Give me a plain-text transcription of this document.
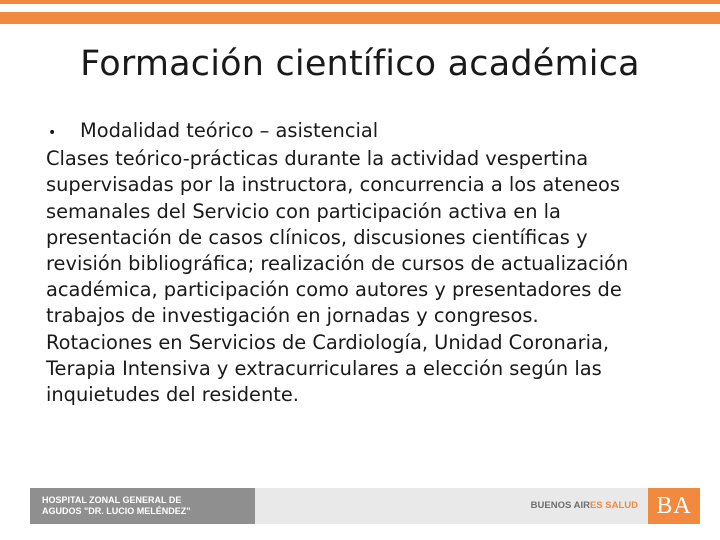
Formación científico académica
•	Modalidad teórico – asistencial

Clases teórico-prácticas durante la actividad vespertina supervisadas por la instructora, concurrencia a los ateneos semanales del Servicio con participación activa en la presentación de casos clínicos, discusiones científicas y revisión bibliográfica; realización de cursos de actualización académica, participación como autores y presentadores de trabajos de investigación en jornadas y congresos.

Rotaciones en Servicios de Cardiología, Unidad Coronaria, Terapia Intensiva y extracurriculares a elección según las inquietudes del residente.

HOSPITAL ZONAL GENERAL DE
AGUDOS "DR. LUCIO MELÉNDEZ"	BUENOS AIRES SALUD BA
